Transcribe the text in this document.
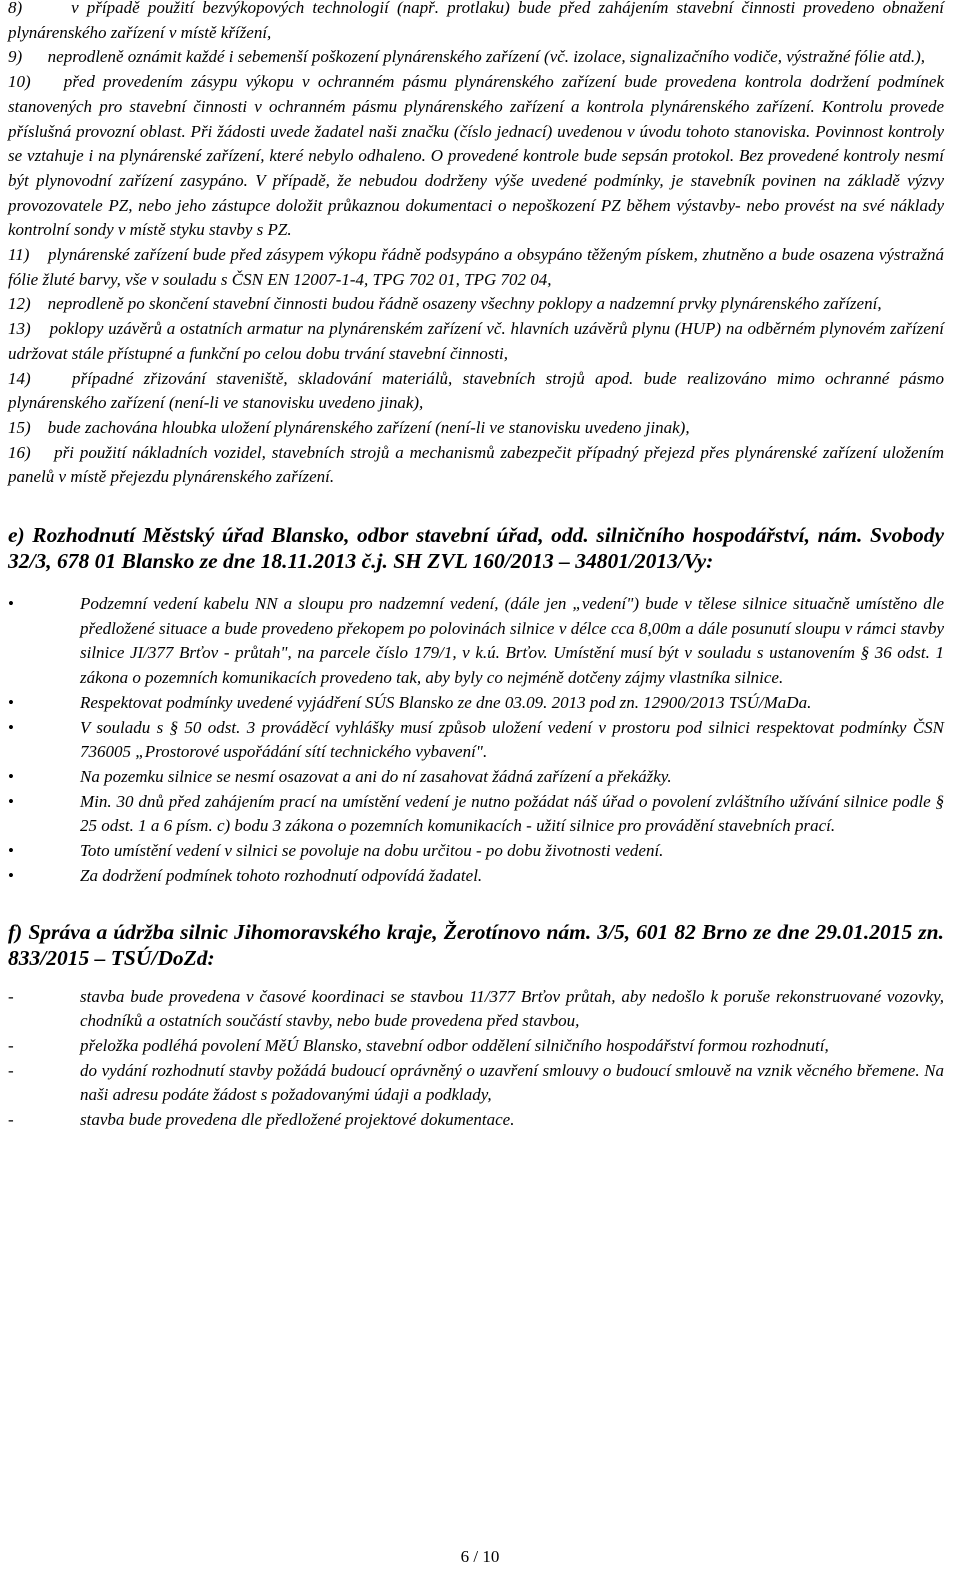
8)      v případě použití bezvýkopových technologií (např. protlaku) bude před zahájením stavební činnosti provedeno obnažení plynárenského zařízení v místě křížení,

9)      neprodleně oznámit každé i sebemenší poškození plynárenského zařízení (vč. izolace, signalizačního vodiče, výstražné fólie atd.),

10)    před provedením zásypu výkopu v ochranném pásmu plynárenského zařízení bude provedena kontrola dodržení podmínek stanovených pro stavební činnosti v ochranném pásmu plynárenského zařízení a kontrola plynárenského zařízení. Kontrolu provede příslušná provozní oblast. Při žádosti uvede žadatel naši značku (číslo jednací) uvedenou v úvodu tohoto stanoviska. Povinnost kontroly se vztahuje i na plynárenské zařízení, které nebylo odhaleno. O provedené kontrole bude sepsán protokol. Bez provedené kontroly nesmí být plynovodní zařízení zasypáno. V případě, že nebudou dodrženy výše uvedené podmínky, je stavebník povinen na základě výzvy provozovatele PZ, nebo jeho zástupce doložit průkaznou dokumentaci o nepoškození PZ během výstavby- nebo provést na své náklady kontrolní sondy v místě styku stavby s PZ.

11)    plynárenské zařízení bude před zásypem výkopu řádně podsypáno a obsypáno těženým pískem, zhutněno a bude osazena výstražná fólie žluté barvy, vše v souladu s ČSN EN 12007-1-4, TPG 702 01, TPG 702 04,

12)    neprodleně po skončení stavební činnosti budou řádně osazeny všechny poklopy a nadzemní prvky plynárenského zařízení,

13)    poklopy uzávěrů a ostatních armatur na plynárenském zařízení vč. hlavních uzávěrů plynu (HUP) na odběrném plynovém zařízení udržovat stále přístupné a funkční po celou dobu trvání stavební činnosti,

14)    případné zřizování staveniště, skladování materiálů, stavebních strojů apod. bude realizováno mimo ochranné pásmo plynárenského zařízení (není-li ve stanovisku uvedeno jinak),

15)    bude zachována hloubka uložení plynárenského zařízení (není-li ve stanovisku uvedeno jinak),

16)    při použití nákladních vozidel, stavebních strojů a mechanismů zabezpečit případný přejezd přes plynárenské zařízení uložením panelů v místě přejezdu plynárenského zařízení.

e) Rozhodnutí Městský úřad Blansko, odbor stavební úřad, odd. silničního hospodářství, nám. Svobody 32/3, 678 01 Blansko ze dne 18.11.2013 č.j. SH ZVL 160/2013 – 34801/2013/Vy:
•	Podzemní vedení kabelu NN a sloupu pro nadzemní vedení, (dále jen „vedení") bude v tělese silnice situačně umístěno dle předložené situace a bude provedeno překopem po polovinách silnice v délce cca 8,00m a dále posunutí sloupu v rámci stavby silnice JI/377 Brťov - průtah", na parcele číslo 179/1, v k.ú. Brťov. Umístění musí být v souladu s ustanovením § 36 odst. 1 zákona o pozemních komunikacích provedeno tak, aby byly co nejméně dotčeny zájmy vlastníka silnice.
•	Respektovat podmínky uvedené vyjádření SÚS Blansko ze dne 03.09. 2013 pod zn. 12900/2013 TSÚ/MaDa.
•	V souladu s § 50 odst. 3 prováděcí vyhlášky musí způsob uložení vedení v prostoru pod silnici respektovat podmínky ČSN 736005 „Prostorové uspořádání sítí technického vybavení".
•	Na pozemku silnice se nesmí osazovat a ani do ní zasahovat žádná zařízení a překážky.
•	Min. 30 dnů před zahájením prací na umístění vedení je nutno požádat náš úřad o povolení zvláštního užívání silnice podle § 25 odst. 1 a 6 písm. c) bodu 3 zákona o pozemních komunikacích - užití silnice pro provádění stavebních prací.
•	Toto umístění vedení v silnici se povoluje na dobu určitou - po dobu životnosti vedení.
•	Za dodržení podmínek tohoto rozhodnutí odpovídá žadatel.
f) Správa a údržba silnic Jihomoravského kraje, Žerotínovo nám. 3/5, 601 82 Brno ze dne 29.01.2015 zn. 833/2015 – TSÚ/DoZd:
-	stavba bude provedena v časové koordinaci se stavbou 11/377 Brťov průtah, aby nedošlo k poruše rekonstruované vozovky, chodníků a ostatních součástí stavby, nebo bude provedena před stavbou,
-	přeložka podléhá povolení MěÚ Blansko, stavební odbor oddělení silničního hospodářství formou rozhodnutí,
-	do vydání rozhodnutí stavby požádá budoucí oprávněný o uzavření smlouvy o budoucí smlouvě na vznik věcného břemene. Na naši adresu podáte žádost s požadovanými údaji a podklady,
-	stavba bude provedena dle předložené projektové dokumentace.
6 / 10
